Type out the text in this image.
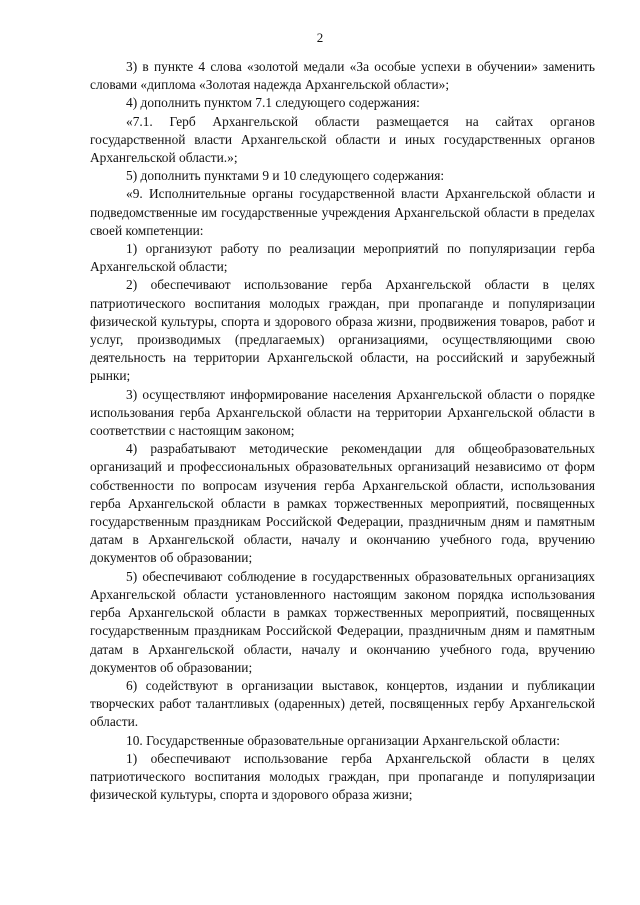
2

3) в пункте 4 слова «золотой медали «За особые успехи в обучении» заменить словами «диплома «Золотая надежда Архангельской области»;

4) дополнить пунктом 7.1 следующего содержания:

«7.1. Герб Архангельской области размещается на сайтах органов государственной власти Архангельской области и иных государственных органов Архангельской области.»;

5) дополнить пунктами 9 и 10 следующего содержания:

«9. Исполнительные органы государственной власти Архангельской области и подведомственные им государственные учреждения Архангельской области в пределах своей компетенции:

1) организуют работу по реализации мероприятий по популяризации герба Архангельской области;

2) обеспечивают использование герба Архангельской области в целях патриотического воспитания молодых граждан, при пропаганде и популяризации физической культуры, спорта и здорового образа жизни, продвижения товаров, работ и услуг, производимых (предлагаемых) организациями, осуществляющими свою деятельность на территории Архангельской области, на российский и зарубежный рынки;

3) осуществляют информирование населения Архангельской области о порядке использования герба Архангельской области на территории Архангельской области в соответствии с настоящим законом;

4) разрабатывают методические рекомендации для общеобразовательных организаций и профессиональных образовательных организаций независимо от форм собственности по вопросам изучения герба Архангельской области, использования герба Архангельской области в рамках торжественных мероприятий, посвященных государственным праздникам Российской Федерации, праздничным дням и памятным датам в Архангельской области, началу и окончанию учебного года, вручению документов об образовании;

5) обеспечивают соблюдение в государственных образовательных организациях Архангельской области установленного настоящим законом порядка использования герба Архангельской области в рамках торжественных мероприятий, посвященных государственным праздникам Российской Федерации, праздничным дням и памятным датам в Архангельской области, началу и окончанию учебного года, вручению документов об образовании;

6) содействуют в организации выставок, концертов, издании и публикации творческих работ талантливых (одаренных) детей, посвященных гербу Архангельской области.

10. Государственные образовательные организации Архангельской области:

1) обеспечивают использование герба Архангельской области в целях патриотического воспитания молодых граждан, при пропаганде и популяризации физической культуры, спорта и здорового образа жизни;
